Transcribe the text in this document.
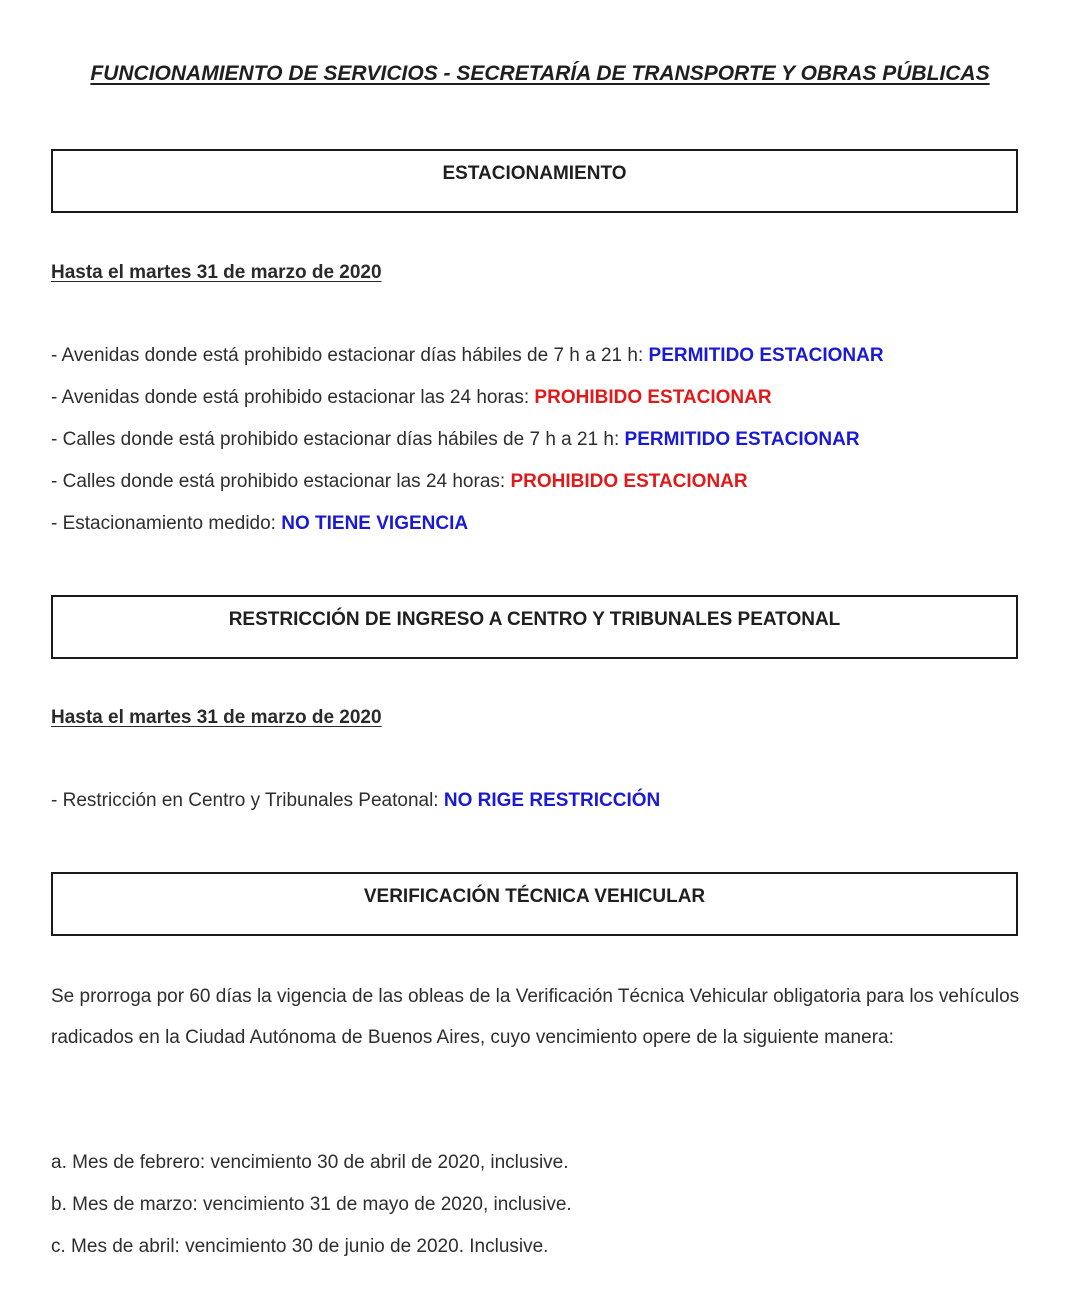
FUNCIONAMIENTO DE SERVICIOS - SECRETARÍA DE TRANSPORTE Y OBRAS PÚBLICAS
ESTACIONAMIENTO
Hasta el martes 31 de marzo de 2020
- Avenidas donde está prohibido estacionar días hábiles de 7 h a 21 h: PERMITIDO ESTACIONAR
- Avenidas donde está prohibido estacionar las 24 horas: PROHIBIDO ESTACIONAR
- Calles donde está prohibido estacionar días hábiles de 7 h a 21 h: PERMITIDO ESTACIONAR
- Calles donde está prohibido estacionar las 24 horas: PROHIBIDO ESTACIONAR
- Estacionamiento medido: NO TIENE VIGENCIA
RESTRICCIÓN DE INGRESO A CENTRO Y TRIBUNALES PEATONAL
Hasta el martes 31 de marzo de 2020
- Restricción en Centro y Tribunales Peatonal: NO RIGE RESTRICCIÓN
VERIFICACIÓN TÉCNICA VEHICULAR
Se prorroga por 60 días la vigencia de las obleas de la Verificación Técnica Vehicular obligatoria para los vehículos radicados en la Ciudad Autónoma de Buenos Aires, cuyo vencimiento opere de la siguiente manera:
a. Mes de febrero: vencimiento 30 de abril de 2020, inclusive.
b. Mes de marzo: vencimiento 31 de mayo de 2020, inclusive.
c. Mes de abril: vencimiento 30 de junio de 2020. Inclusive.
